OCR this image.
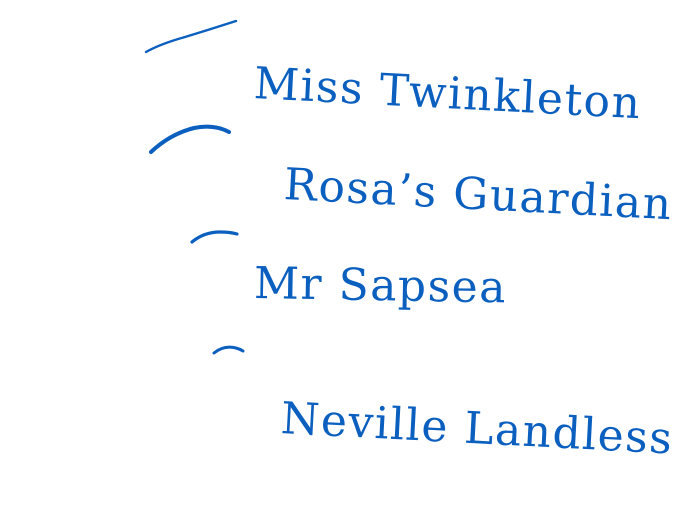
Miss Twinkleton
Rosa’s Guardian
Mr Sapsea
Neville Landless
